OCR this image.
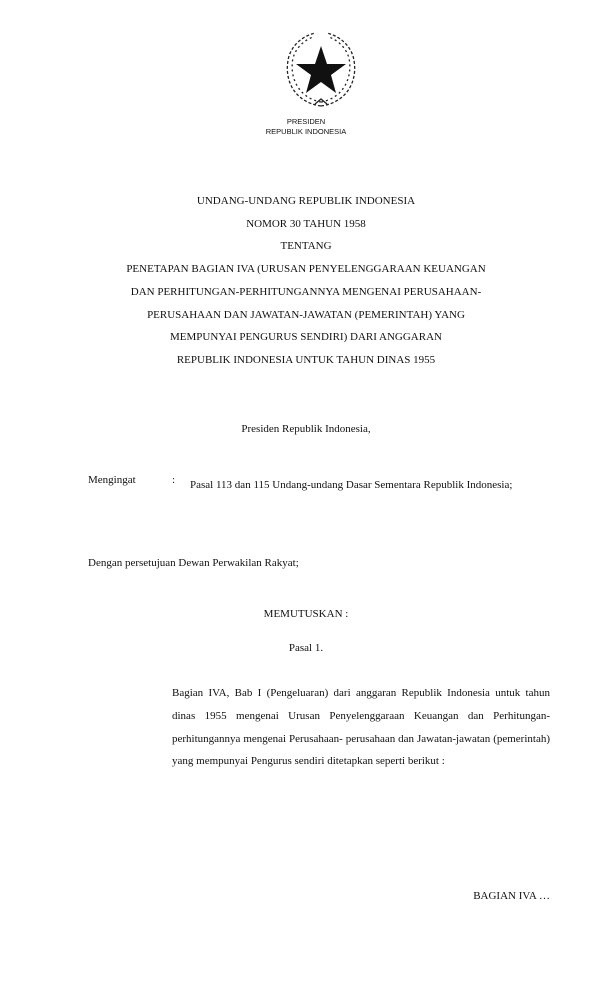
PRESIDEN
REPUBLIK INDONESIA
UNDANG-UNDANG REPUBLIK INDONESIA
NOMOR 30 TAHUN 1958
TENTANG
PENETAPAN BAGIAN IVA (URUSAN PENYELENGGARAAN KEUANGAN
DAN PERHITUNGAN-PERHITUNGANNYA MENGENAI PERUSAHAAN-
PERUSAHAAN DAN JAWATAN-JAWATAN (PEMERINTAH) YANG
MEMPUNYAI PENGURUS SENDIRI) DARI ANGGARAN
REPUBLIK INDONESIA UNTUK TAHUN DINAS 1955
Presiden Republik Indonesia,
Mengingat	: Pasal 113 dan 115 Undang-undang Dasar Sementara Republik Indonesia;
Dengan persetujuan Dewan Perwakilan Rakyat;
MEMUTUSKAN :
Pasal 1.
Bagian IVA, Bab I (Pengeluaran) dari anggaran Republik Indonesia untuk tahun dinas 1955 mengenai Urusan Penyelenggaraan Keuangan dan Perhitungan-perhitungannya mengenai Perusahaan- perusahaan dan Jawatan-jawatan (pemerintah) yang mempunyai Pengurus sendiri ditetapkan seperti berikut :
BAGIAN IVA …
